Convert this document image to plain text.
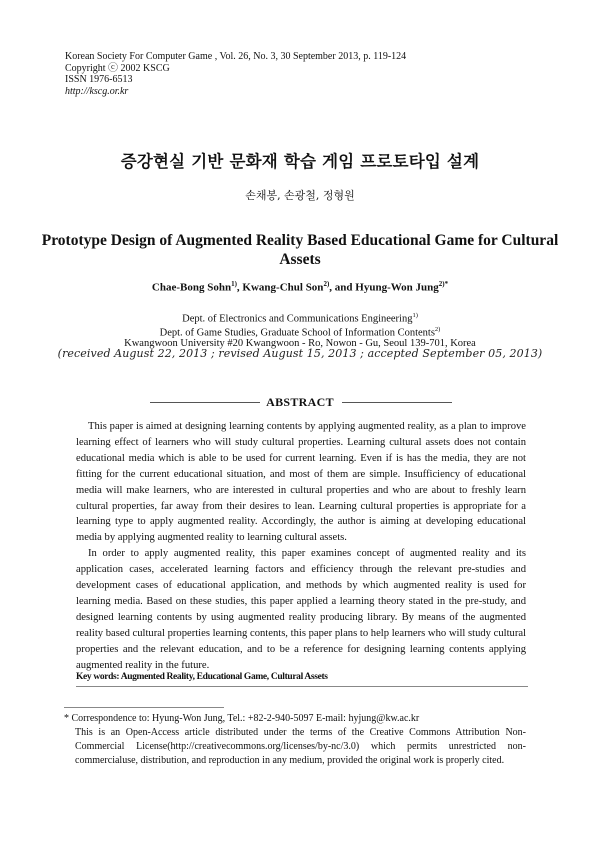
Korean Society For Computer Game , Vol. 26, No. 3, 30 September 2013, p. 119-124
Copyright ⓒ 2002 KSCG
ISSN 1976-6513
http://kscg.or.kr
증강현실 기반 문화재 학습 게임 프로토타입 설계
손채봉, 손광철, 정형원
Prototype Design of Augmented Reality Based Educational Game for Cultural Assets
Chae-Bong Sohn$^{1)}$, Kwang-Chul Son$^{2)}$, and Hyung-Won Jung$^{2)*}$
Dept. of Electronics and Communications Engineering$^{1)}$
Dept. of Game Studies, Graduate School of Information Contents$^{2)}$
Kwangwoon University #20 Kwangwoon - Ro, Nowon - Gu, Seoul 139-701, Korea
(received August 22, 2013 ; revised August 15, 2013 ; accepted September 05, 2013)
ABSTRACT

This paper is aimed at designing learning contents by applying augmented reality, as a plan to improve learning effect of learners who will study cultural properties. Learning cultural assets does not contain educational media which is able to be used for current learning. Even if is has the media, they are not fitting for the current educational situation, and most of them are simple. Insufficiency of educational media will make learners, who are interested in cultural properties and who are about to freshly learn cultural properties, far away from their desires to lean. Learning cultural properties is appropriate for a learning type to apply augmented reality. Accordingly, the author is aiming at developing educational media by applying augmented reality to learning cultural assets.

In order to apply augmented reality, this paper examines concept of augmented reality and its application cases, accelerated learning factors and efficiency through the relevant pre-studies and development cases of educational application, and methods by which augmented reality is used for learning media. Based on these studies, this paper applied a learning theory stated in the pre-study, and designed learning contents by using augmented reality producing library. By means of the augmented reality based cultural properties learning contents, this paper plans to help learners who will study cultural properties and the relevant education, and to be a reference for designing learning contents applying augmented reality in the future.

Key words: Augmented Reality, Educational Game, Cultural Assets
* Correspondence to: Hyung-Won Jung, Tel.: +82-2-940-5097 E-mail: hyjung@kw.ac.kr
This is an Open-Access article distributed under the terms of the Creative Commons Attribution Non-Commercial License(http://creativecommons.org/licenses/by-nc/3.0) which permits unrestricted non-commercialuse, distribution, and reproduction in any medium, provided the original work is properly cited.
